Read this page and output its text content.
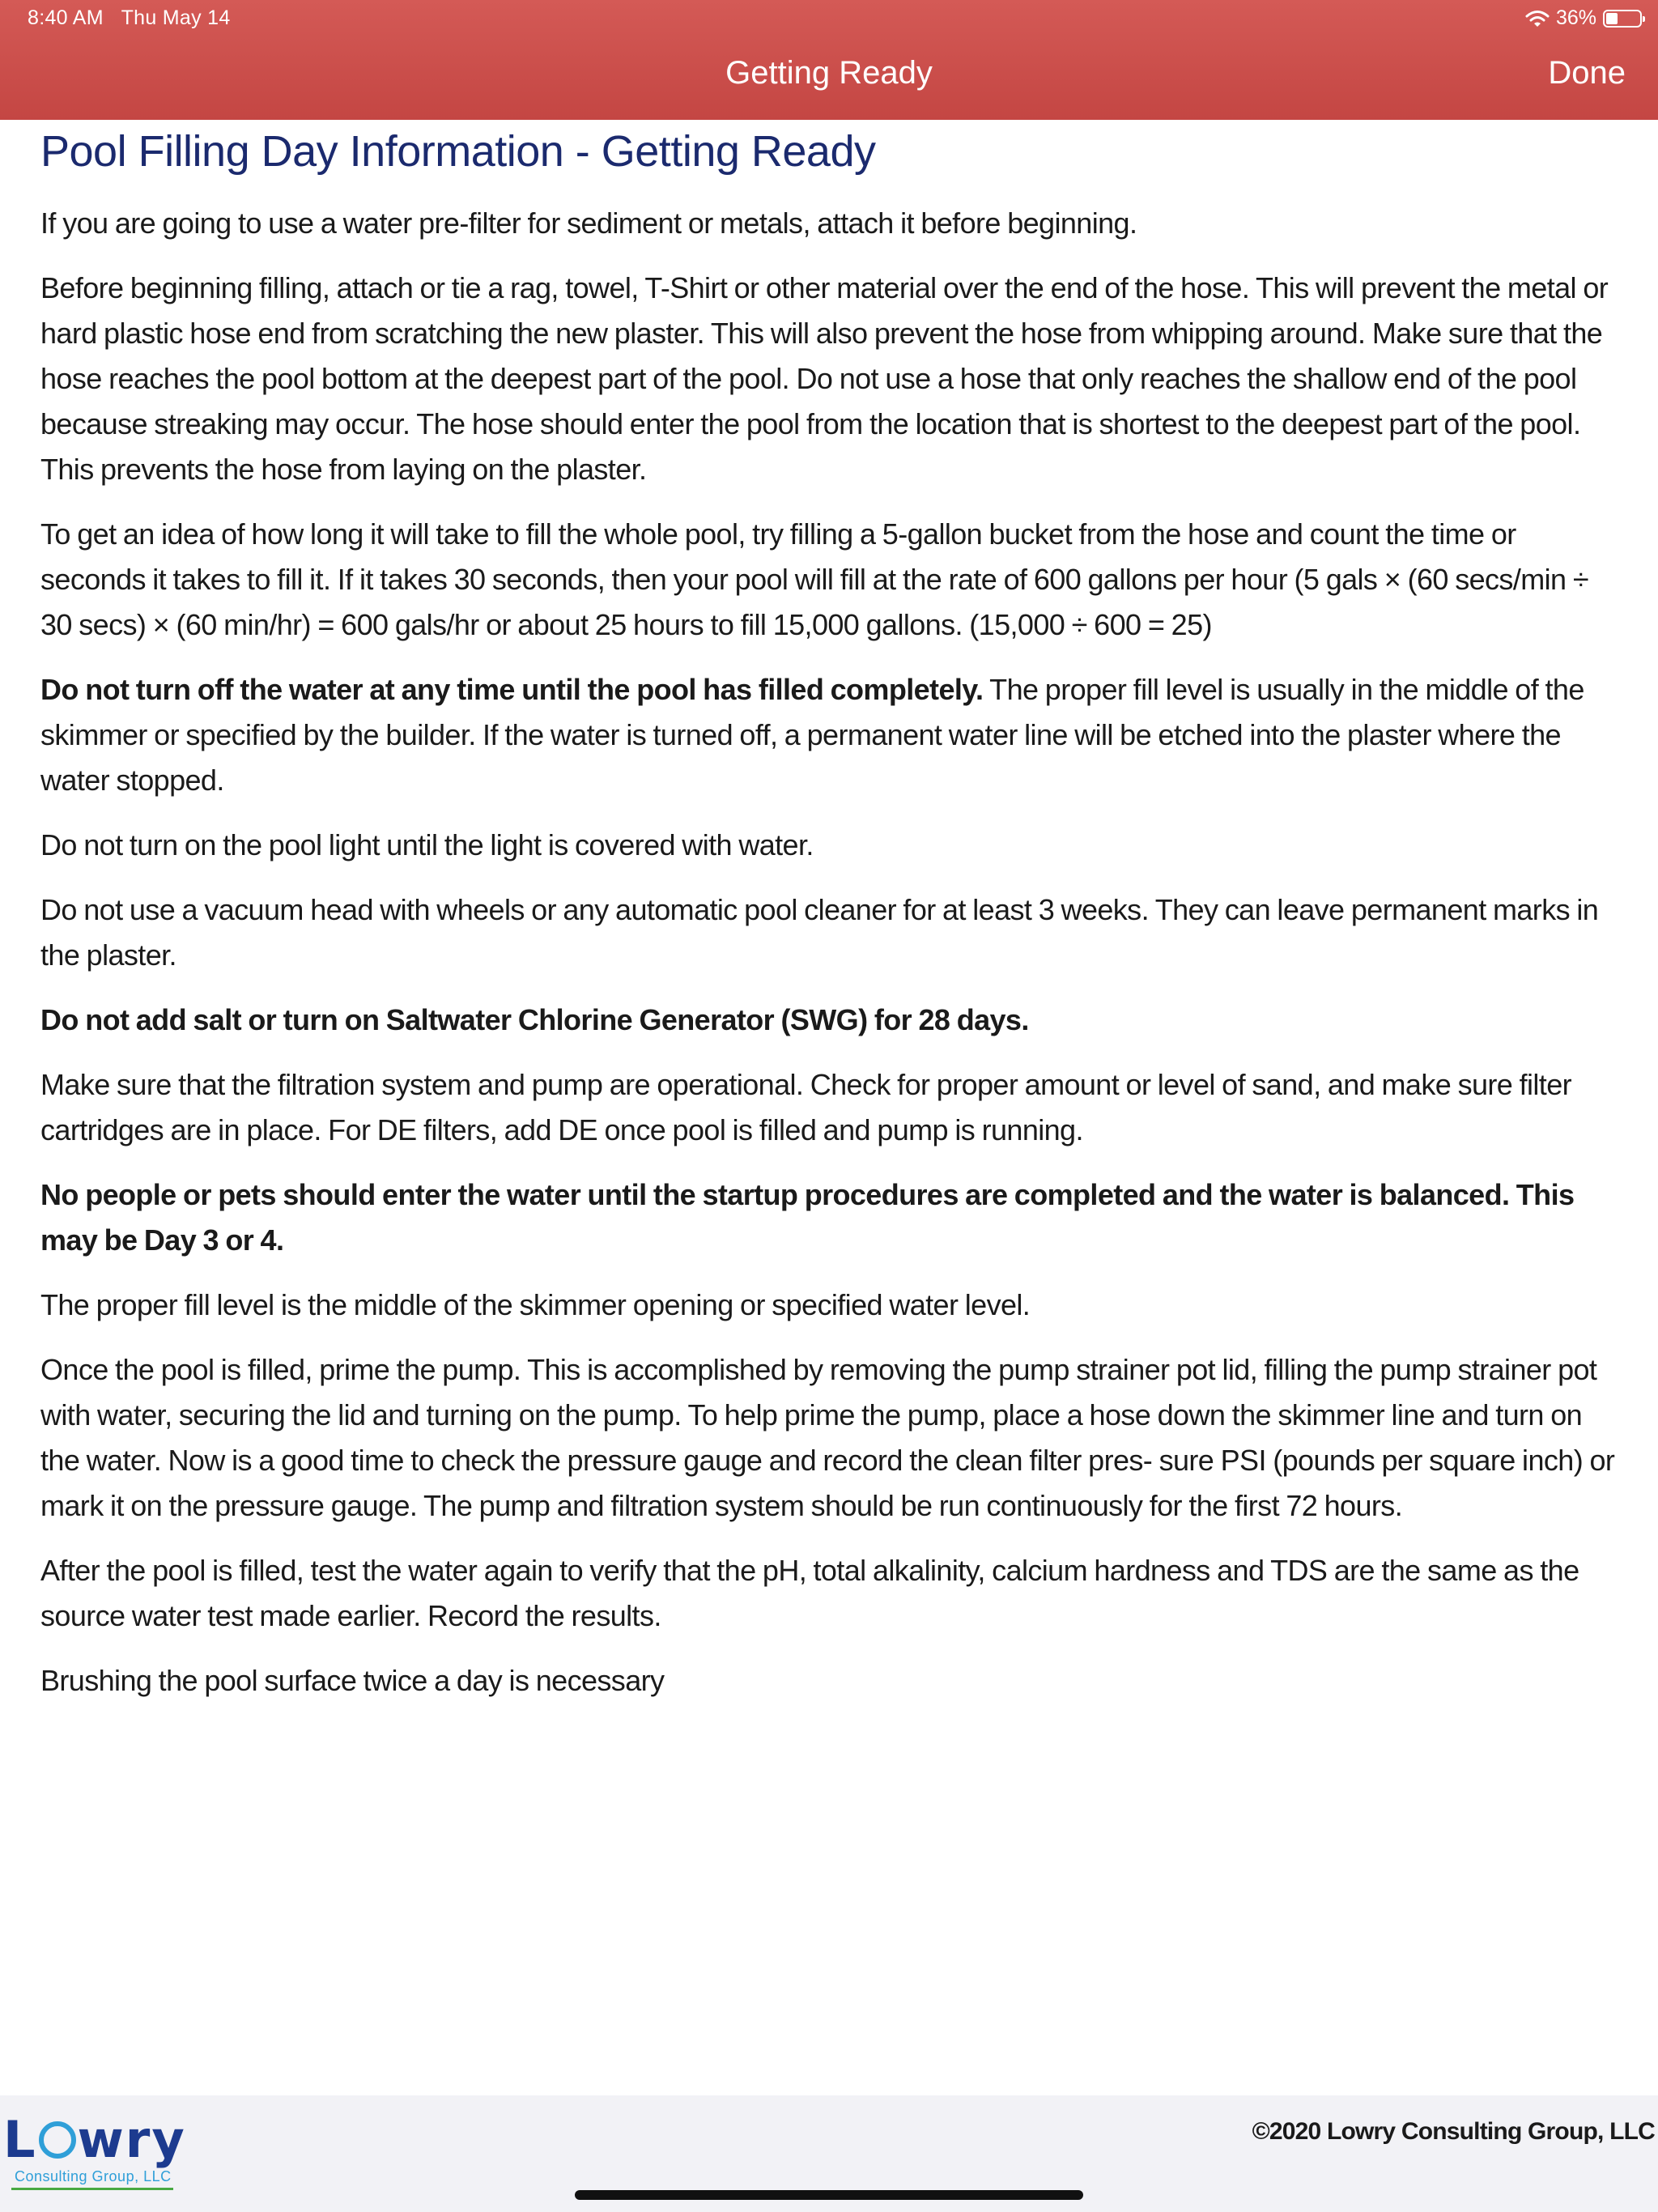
8:40 AM Thu May 14	36%
Getting Ready	Done
Pool Filling Day Information - Getting Ready

If you are going to use a water pre-filter for sediment or metals, attach it before beginning.

Before beginning filling, attach or tie a rag, towel, T-Shirt or other material over the end of the hose. This will prevent the metal or hard plastic hose end from scratching the new plaster. This will also prevent the hose from whipping around. Make sure that the hose reaches the pool bottom at the deepest part of the pool. Do not use a hose that only reaches the shallow end of the pool because streaking may occur. The hose should enter the pool from the location that is shortest to the deepest part of the pool. This prevents the hose from laying on the plaster.

To get an idea of how long it will take to fill the whole pool, try filling a 5-gallon bucket from the hose and count the time or seconds it takes to fill it. If it takes 30 seconds, then your pool will fill at the rate of 600 gallons per hour (5 gals × (60 secs/min ÷ 30 secs) × (60 min/hr) = 600 gals/hr or about 25 hours to fill 15,000 gallons. (15,000 ÷ 600 = 25)

Do not turn off the water at any time until the pool has filled completely. The proper fill level is usually in the middle of the skimmer or specified by the builder. If the water is turned off, a permanent water line will be etched into the plaster where the water stopped.

Do not turn on the pool light until the light is covered with water.

Do not use a vacuum head with wheels or any automatic pool cleaner for at least 3 weeks. They can leave permanent marks in the plaster.

Do not add salt or turn on Saltwater Chlorine Generator (SWG) for 28 days.

Make sure that the filtration system and pump are operational. Check for proper amount or level of sand, and make sure filter cartridges are in place. For DE filters, add DE once pool is filled and pump is running.

No people or pets should enter the water until the startup procedures are completed and the water is balanced. This may be Day 3 or 4.

The proper fill level is the middle of the skimmer opening or specified water level.

Once the pool is filled, prime the pump. This is accomplished by removing the pump strainer pot lid, filling the pump strainer pot with water, securing the lid and turning on the pump. To help prime the pump, place a hose down the skimmer line and turn on the water. Now is a good time to check the pressure gauge and record the clean filter pres- sure PSI (pounds per square inch) or mark it on the pressure gauge. The pump and filtration system should be run continuously for the first 72 hours.

After the pool is filled, test the water again to verify that the pH, total alkalinity, calcium hardness and TDS are the same as the source water test made earlier. Record the results.

Brushing the pool surface twice a day is necessary

L wry
Consulting Group, LLC
©2020 Lowry Consulting Group, LLC
